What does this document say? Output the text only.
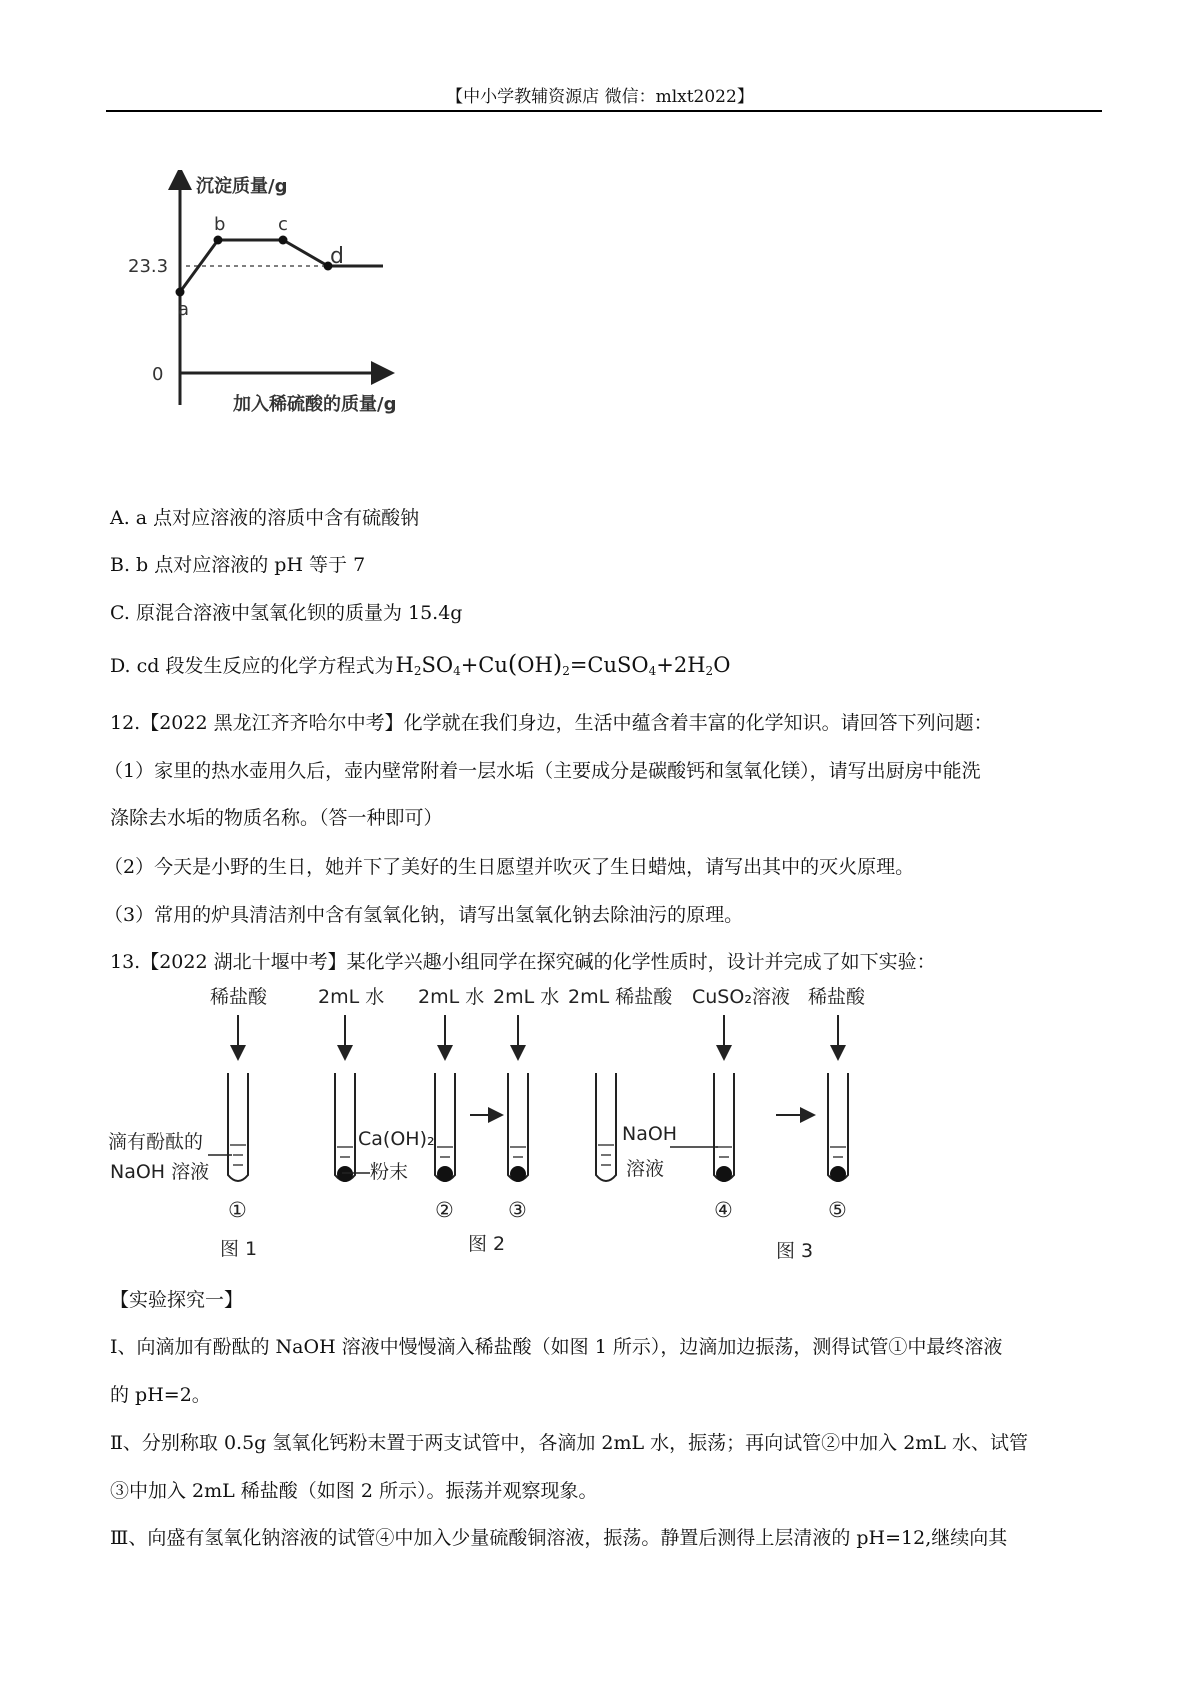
【中小学教辅资源店 微信：mlxt2022】
沉淀质量/g
加入稀硫酸的质量/g
0
23.3
a
b	c
d
A. a 点对应溶液的溶质中含有硫酸钠
B. b 点对应溶液的 pH 等于 7
C. 原混合溶液中氢氧化钡的质量为 15.4g
D. cd 段发生反应的化学方程式为$H_2SO_4+Cu(OH)_2=CuSO_4+2H_2O$
12.【2022 黑龙江齐齐哈尔中考】化学就在我们身边，生活中蕴含着丰富的化学知识。请回答下列问题：
（1）家里的热水壶用久后，壶内壁常附着一层水垢（主要成分是碳酸钙和氢氧化镁），请写出厨房中能洗
涤除去水垢的物质名称。（答一种即可）
（2）今天是小野的生日，她并下了美好的生日愿望并吹灭了生日蜡烛，请写出其中的灭火原理。
（3）常用的炉具清洁剂中含有氢氧化钠，请写出氢氧化钠去除油污的原理。
13.【2022 湖北十堰中考】某化学兴趣小组同学在探究碱的化学性质时，设计并完成了如下实验：
稀盐酸	2mL 水 2mL 水 2mL 水 2mL 稀盐酸 CuSO₂溶液 稀盐酸
滴有酚酞的
NaOH 溶液
Ca(OH)₂
粉末
NaOH
溶液
①	②	③	④	⑤
图 1	图 2	图 3
【实验探究一】
Ⅰ、向滴加有酚酞的 NaOH 溶液中慢慢滴入稀盐酸（如图 1 所示），边滴加边振荡，测得试管①中最终溶液
的 pH=2。
Ⅱ、分别称取 0.5g 氢氧化钙粉末置于两支试管中，各滴加 2mL 水，振荡；再向试管②中加入 2mL 水、试管
③中加入 2mL 稀盐酸（如图 2 所示）。振荡并观察现象。
Ⅲ、向盛有氢氧化钠溶液的试管④中加入少量硫酸铜溶液，振荡。静置后测得上层清液的 pH=12,继续向其
